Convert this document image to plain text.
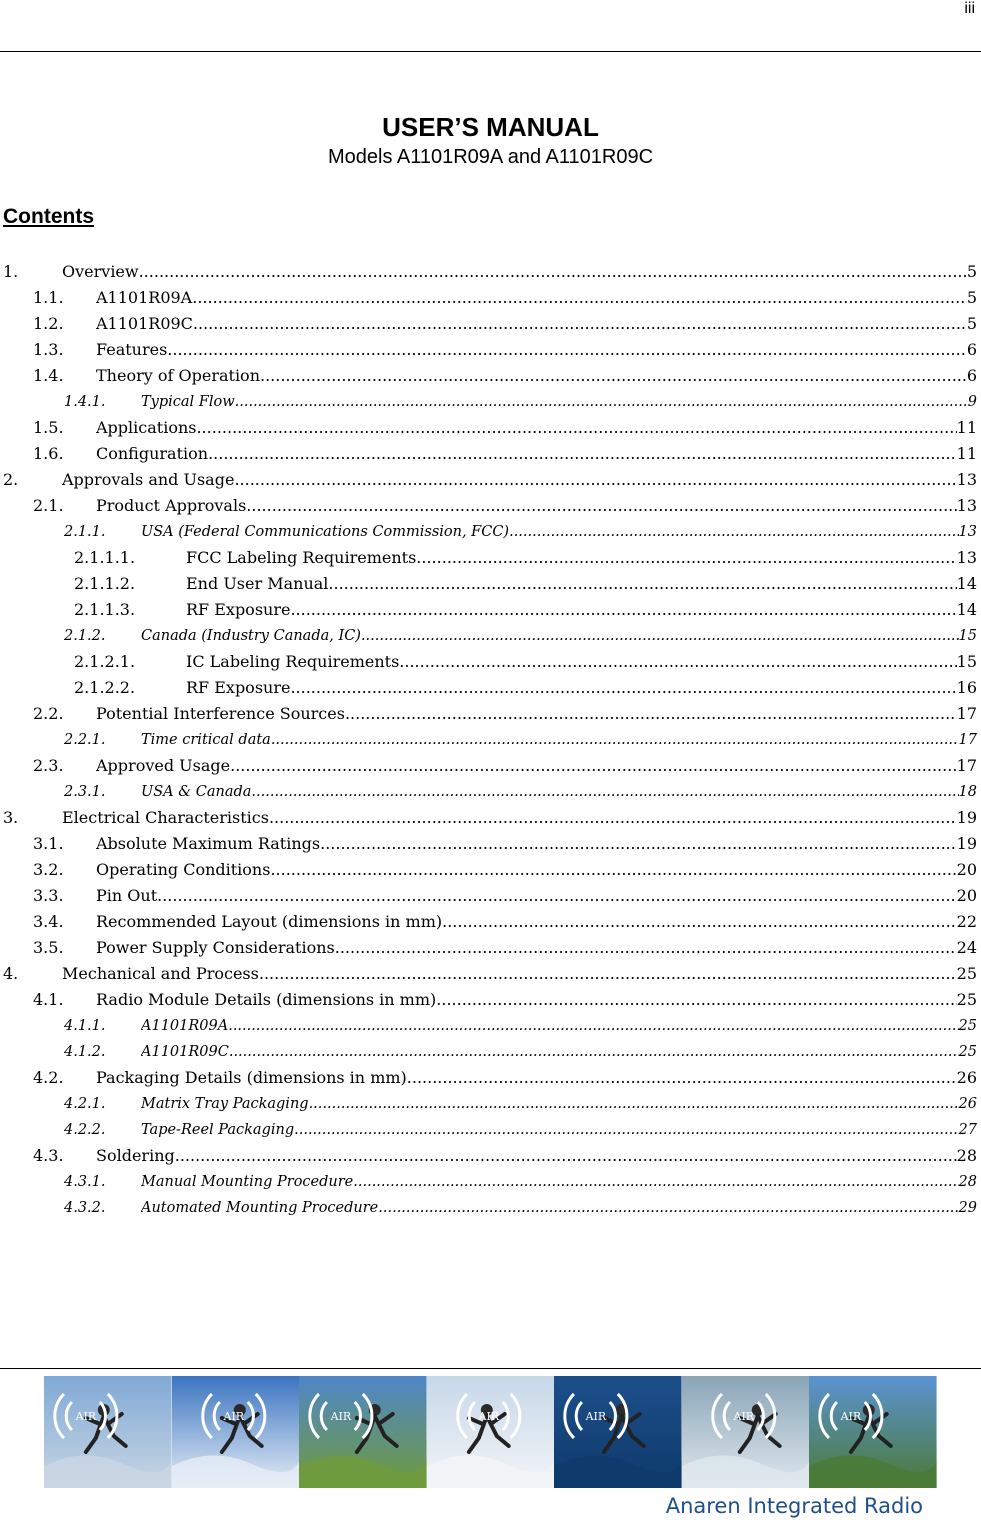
iii
USER’S MANUAL
Models A1101R09A and A1101R09C
Contents
1.	Overview .....	5
1.1. A1101R09A .....	5
1.2. A1101R09C .....	5
1.3. Features .....	6
1.4. Theory of Operation .....	6
1.4.1. Typical Flow .....	9
1.5. Applications .....	11
1.6. Configuration .....	11
2.	Approvals and Usage .....	13
2.1. Product Approvals .....	13
2.1.1. USA (Federal Communications Commission, FCC) .....	13
2.1.1.1.	FCC Labeling Requirements .....	13
2.1.1.2.	End User Manual .....	14
2.1.1.3.	RF Exposure .....	14
2.1.2. Canada (Industry Canada, IC) .....	15
2.1.2.1.	IC Labeling Requirements .....	15
2.1.2.2.	RF Exposure .....	16
2.2. Potential Interference Sources .....	17
2.2.1. Time critical data .....	17
2.3. Approved Usage .....	17
2.3.1. USA & Canada .....	18
3.	Electrical Characteristics .....	19
3.1. Absolute Maximum Ratings .....	19
3.2. Operating Conditions .....	20
3.3. Pin Out .....	20
3.4. Recommended Layout (dimensions in mm) .....	22
3.5. Power Supply Considerations .....	24
4.	Mechanical and Process .....	25
4.1. Radio Module Details (dimensions in mm) .....	25
4.1.1. A1101R09A .....	25
4.1.2. A1101R09C .....	25
4.2. Packaging Details (dimensions in mm) .....	26
4.2.1. Matrix Tray Packaging .....	26
4.2.2. Tape-Reel Packaging .....	27
4.3. Soldering .....	28
4.3.1. Manual Mounting Procedure .....	28
4.3.2. Automated Mounting Procedure .....	29
AIR	AIR	AIR	AIR	AIR	AIR	AIR
Anaren Integrated Radio
